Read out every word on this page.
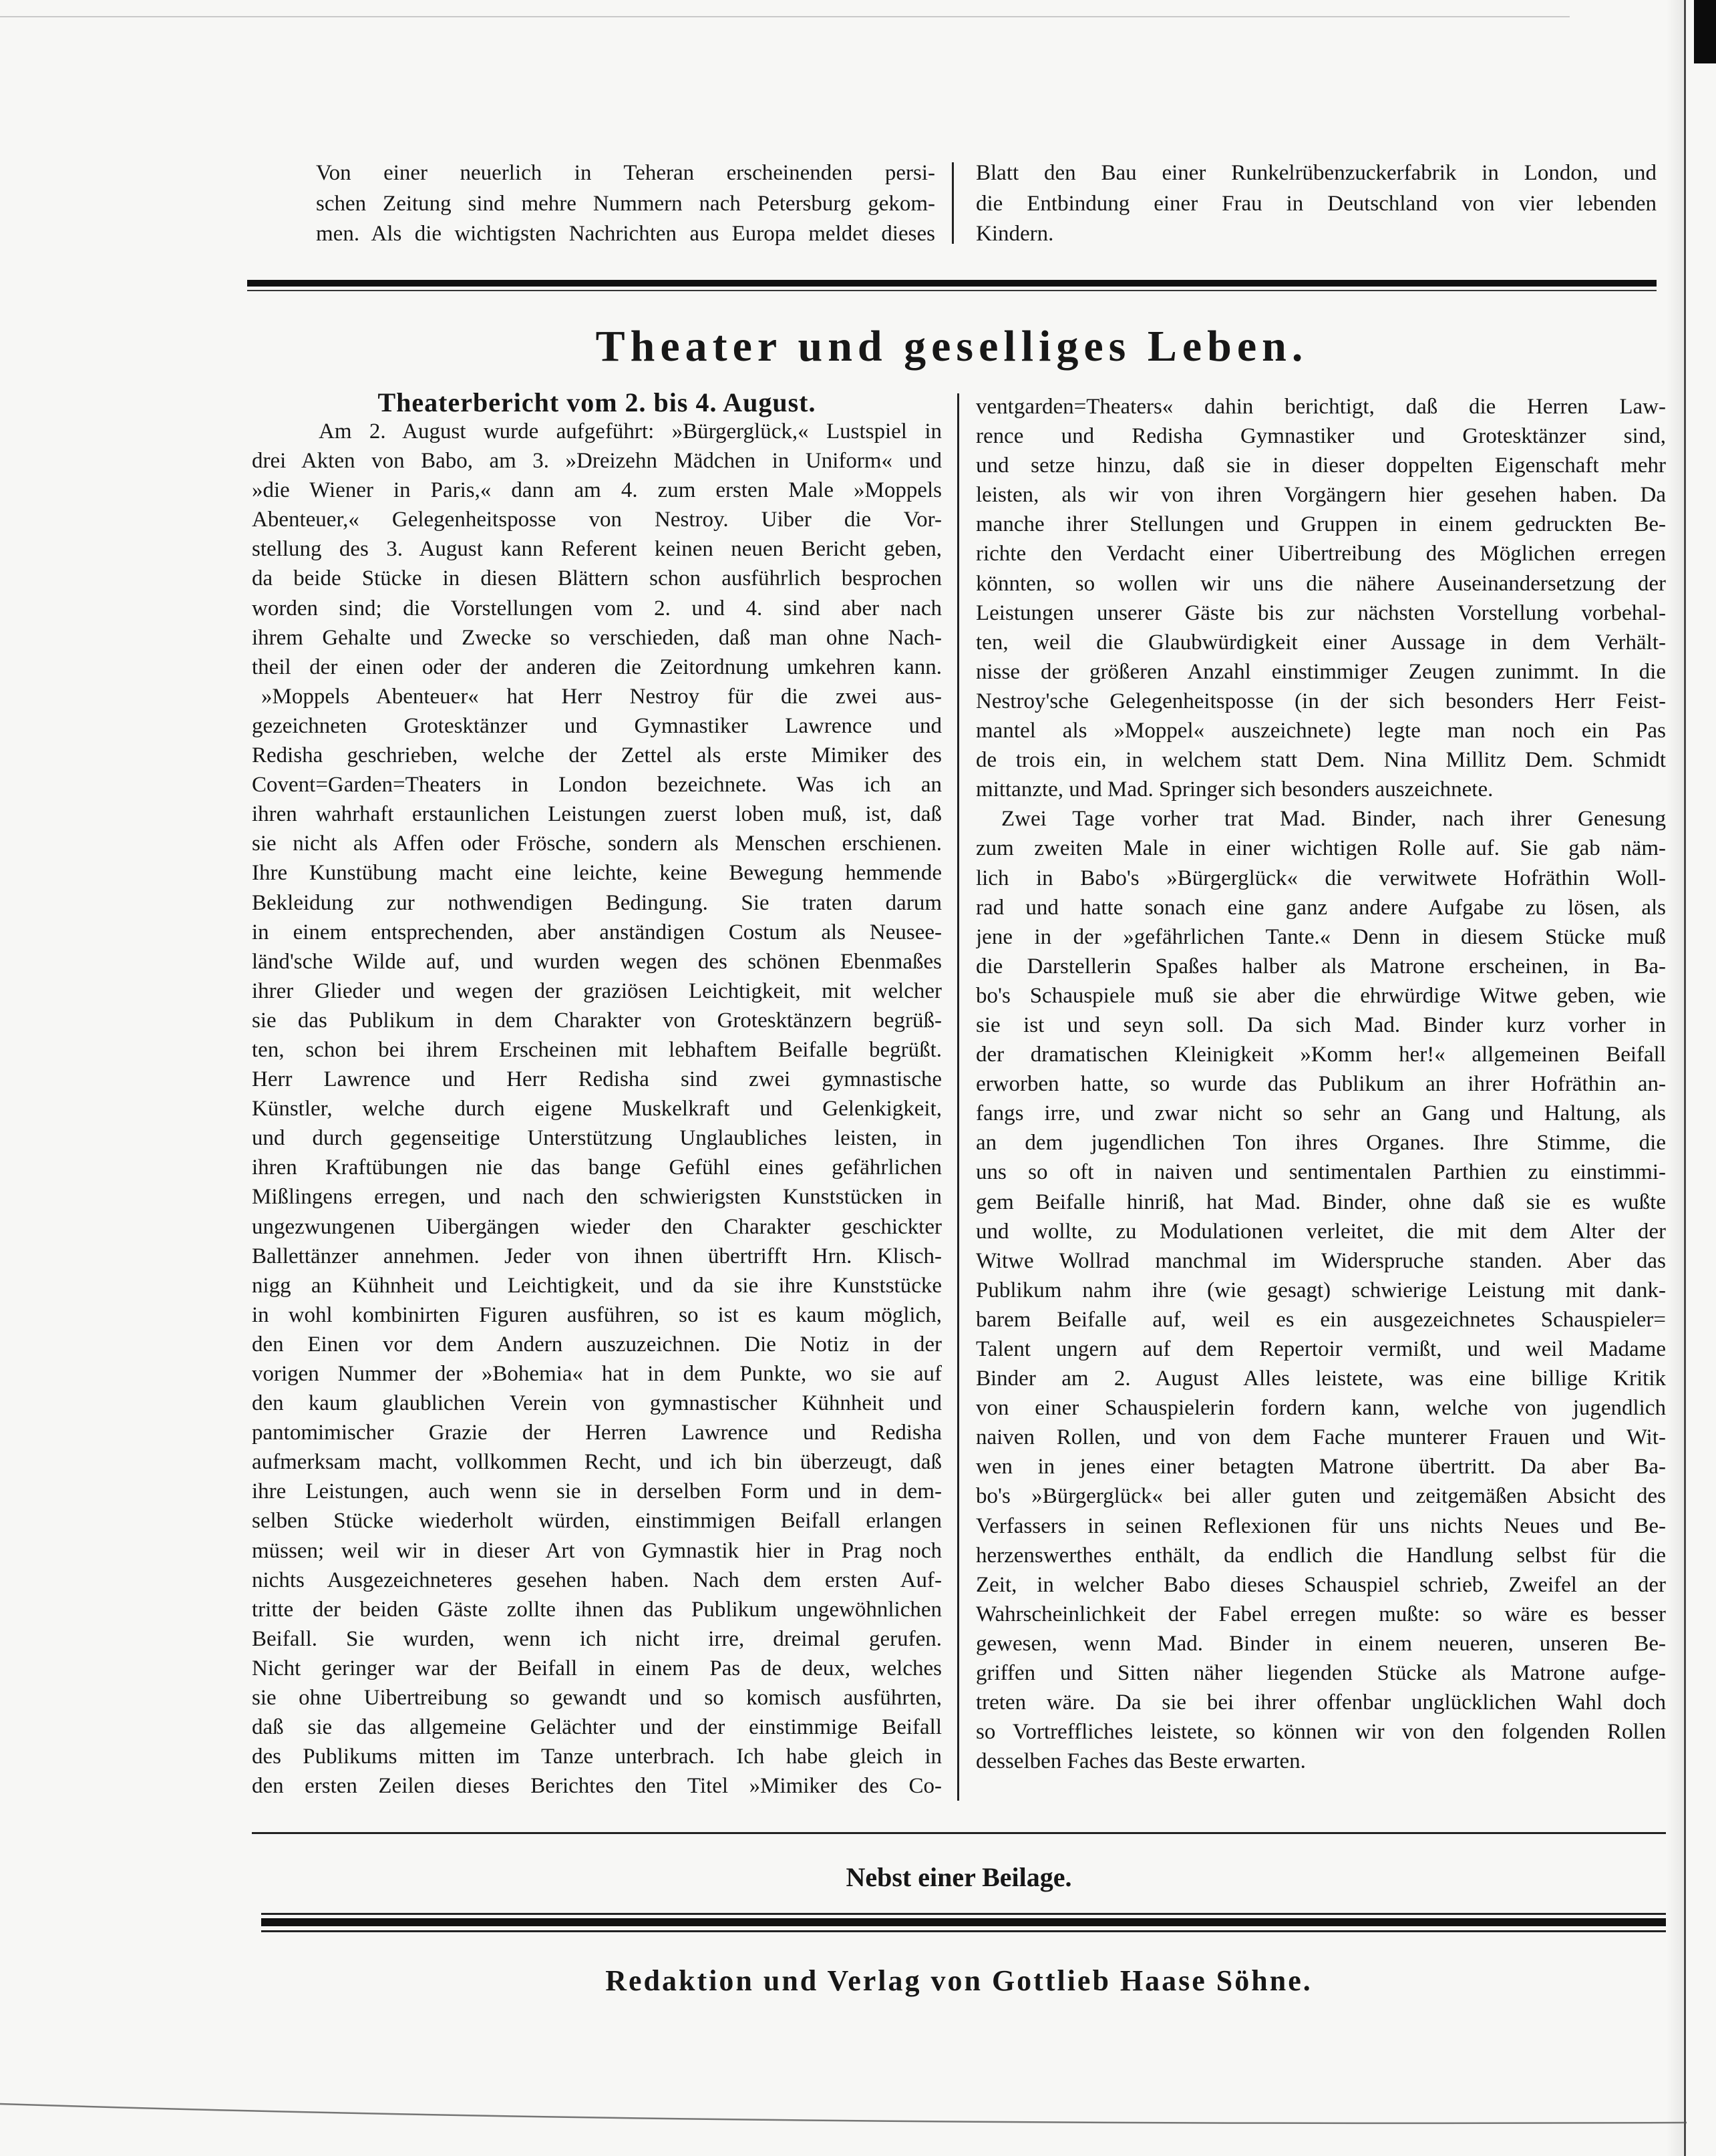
Von einer neuerlich in Teheran erscheinenden persi-
schen Zeitung sind mehre Nummern nach Petersburg gekom-
men. Als die wichtigsten Nachrichten aus Europa meldet dieses
Blatt den Bau einer Runkelrübenzuckerfabrik in London, und
die Entbindung einer Frau in Deutschland von vier lebenden
Kindern.
Theater und geselliges Leben.
Theaterbericht vom 2. bis 4. August.
Am 2. August wurde aufgeführt: »Bürgerglück,« Lustspiel in
drei Akten von Babo, am 3. »Dreizehn Mädchen in Uniform« und
»die Wiener in Paris,« dann am 4. zum ersten Male »Moppels
Abenteuer,« Gelegenheitsposse von Nestroy. Uiber die Vor-
stellung des 3. August kann Referent keinen neuen Bericht geben,
da beide Stücke in diesen Blättern schon ausführlich besprochen
worden sind; die Vorstellungen vom 2. und 4. sind aber nach
ihrem Gehalte und Zwecke so verschieden, daß man ohne Nach-
theil der einen oder der anderen die Zeitordnung umkehren kann.
»Moppels Abenteuer« hat Herr Nestroy für die zwei aus-
gezeichneten Grotesktänzer und Gymnastiker Lawrence und
Redisha geschrieben, welche der Zettel als erste Mimiker des
Covent=Garden=Theaters in London bezeichnete. Was ich an
ihren wahrhaft erstaunlichen Leistungen zuerst loben muß, ist, daß
sie nicht als Affen oder Frösche, sondern als Menschen erschienen.
Ihre Kunstübung macht eine leichte, keine Bewegung hemmende
Bekleidung zur nothwendigen Bedingung. Sie traten darum
in einem entsprechenden, aber anständigen Costum als Neusee-
länd'sche Wilde auf, und wurden wegen des schönen Ebenmaßes
ihrer Glieder und wegen der graziösen Leichtigkeit, mit welcher
sie das Publikum in dem Charakter von Grotesktänzern begrüß-
ten, schon bei ihrem Erscheinen mit lebhaftem Beifalle begrüßt.
Herr Lawrence und Herr Redisha sind zwei gymnastische
Künstler, welche durch eigene Muskelkraft und Gelenkigkeit,
und durch gegenseitige Unterstützung Unglaubliches leisten, in
ihren Kraftübungen nie das bange Gefühl eines gefährlichen
Mißlingens erregen, und nach den schwierigsten Kunststücken in
ungezwungenen Uibergängen wieder den Charakter geschickter
Ballettänzer annehmen. Jeder von ihnen übertrifft Hrn. Klisch-
nigg an Kühnheit und Leichtigkeit, und da sie ihre Kunststücke
in wohl kombinirten Figuren ausführen, so ist es kaum möglich,
den Einen vor dem Andern auszuzeichnen. Die Notiz in der
vorigen Nummer der »Bohemia« hat in dem Punkte, wo sie auf
den kaum glaublichen Verein von gymnastischer Kühnheit und
pantomimischer Grazie der Herren Lawrence und Redisha
aufmerksam macht, vollkommen Recht, und ich bin überzeugt, daß
ihre Leistungen, auch wenn sie in derselben Form und in dem-
selben Stücke wiederholt würden, einstimmigen Beifall erlangen
müssen; weil wir in dieser Art von Gymnastik hier in Prag noch
nichts Ausgezeichneteres gesehen haben. Nach dem ersten Auf-
tritte der beiden Gäste zollte ihnen das Publikum ungewöhnlichen
Beifall. Sie wurden, wenn ich nicht irre, dreimal gerufen.
Nicht geringer war der Beifall in einem Pas de deux, welches
sie ohne Uibertreibung so gewandt und so komisch ausführten,
daß sie das allgemeine Gelächter und der einstimmige Beifall
des Publikums mitten im Tanze unterbrach. Ich habe gleich in
den ersten Zeilen dieses Berichtes den Titel »Mimiker des Co-
ventgarden=Theaters« dahin berichtigt, daß die Herren Law-
rence und Redisha Gymnastiker und Grotesktänzer sind,
und setze hinzu, daß sie in dieser doppelten Eigenschaft mehr
leisten, als wir von ihren Vorgängern hier gesehen haben. Da
manche ihrer Stellungen und Gruppen in einem gedruckten Be-
richte den Verdacht einer Uibertreibung des Möglichen erregen
könnten, so wollen wir uns die nähere Auseinandersetzung der
Leistungen unserer Gäste bis zur nächsten Vorstellung vorbehal-
ten, weil die Glaubwürdigkeit einer Aussage in dem Verhält-
nisse der größeren Anzahl einstimmiger Zeugen zunimmt. In die
Nestroy'sche Gelegenheitsposse (in der sich besonders Herr Feist-
mantel als »Moppel« auszeichnete) legte man noch ein Pas
de trois ein, in welchem statt Dem. Nina Millitz Dem. Schmidt
mittanzte, und Mad. Springer sich besonders auszeichnete.
Zwei Tage vorher trat Mad. Binder, nach ihrer Genesung
zum zweiten Male in einer wichtigen Rolle auf. Sie gab näm-
lich in Babo's »Bürgerglück« die verwitwete Hofräthin Woll-
rad und hatte sonach eine ganz andere Aufgabe zu lösen, als
jene in der »gefährlichen Tante.« Denn in diesem Stücke muß
die Darstellerin Spaßes halber als Matrone erscheinen, in Ba-
bo's Schauspiele muß sie aber die ehrwürdige Witwe geben, wie
sie ist und seyn soll. Da sich Mad. Binder kurz vorher in
der dramatischen Kleinigkeit »Komm her!« allgemeinen Beifall
erworben hatte, so wurde das Publikum an ihrer Hofräthin an-
fangs irre, und zwar nicht so sehr an Gang und Haltung, als
an dem jugendlichen Ton ihres Organes. Ihre Stimme, die
uns so oft in naiven und sentimentalen Parthien zu einstimmi-
gem Beifalle hinriß, hat Mad. Binder, ohne daß sie es wußte
und wollte, zu Modulationen verleitet, die mit dem Alter der
Witwe Wollrad manchmal im Widerspruche standen. Aber das
Publikum nahm ihre (wie gesagt) schwierige Leistung mit dank-
barem Beifalle auf, weil es ein ausgezeichnetes Schauspieler=
Talent ungern auf dem Repertoir vermißt, und weil Madame
Binder am 2. August Alles leistete, was eine billige Kritik
von einer Schauspielerin fordern kann, welche von jugendlich
naiven Rollen, und von dem Fache munterer Frauen und Wit-
wen in jenes einer betagten Matrone übertritt. Da aber Ba-
bo's »Bürgerglück« bei aller guten und zeitgemäßen Absicht des
Verfassers in seinen Reflexionen für uns nichts Neues und Be-
herzenswerthes enthält, da endlich die Handlung selbst für die
Zeit, in welcher Babo dieses Schauspiel schrieb, Zweifel an der
Wahrscheinlichkeit der Fabel erregen mußte: so wäre es besser
gewesen, wenn Mad. Binder in einem neueren, unseren Be-
griffen und Sitten näher liegenden Stücke als Matrone aufge-
treten wäre. Da sie bei ihrer offenbar unglücklichen Wahl doch
so Vortreffliches leistete, so können wir von den folgenden Rollen
desselben Faches das Beste erwarten.
Nebst einer Beilage.
Redaktion und Verlag von Gottlieb Haase Söhne.
